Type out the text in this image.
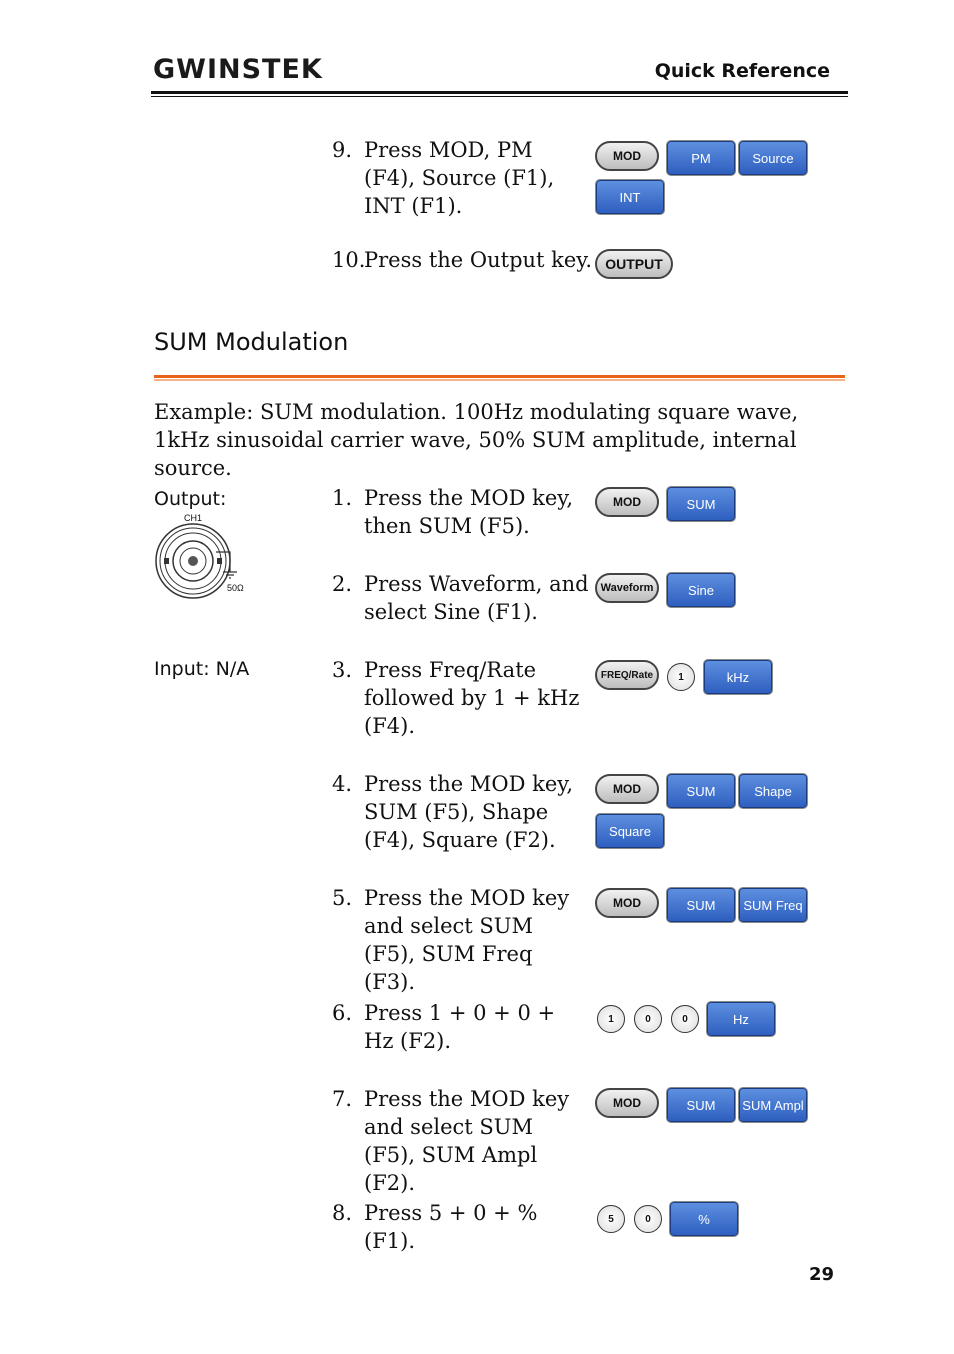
GWINSTEK	Quick Reference
9. Press MOD, PM (F4), Source (F1), INT (F1).
MOD	PM	Source
INT
10.
Press the Output key. OUTPUT
SUM Modulation
Example: SUM modulation. 100Hz modulating square wave, 1kHz sinusoidal carrier wave, 50% SUM amplitude, internal source.
Output:
CH1
50Ω
1. Press the MOD key, then SUM (F5).
MOD	SUM
2. Press Waveform, and select Sine (F1).
Waveform	Sine
Input: N/A	3. Press Freq/Rate followed by 1 + kHz (F4).
FREQ/Rate	1	kHz
4. Press the MOD key, SUM (F5), Shape (F4), Square (F2).
MOD	SUM	Shape
Square
5. Press the MOD key and select SUM (F5), SUM Freq (F3).
MOD	SUM	SUM Freq
6. Press 1 + 0 + 0 + Hz (F2).
1	0	0	Hz
7. Press the MOD key and select SUM (F5), SUM Ampl (F2).
MOD	SUM	SUM Ampl
8. Press 5 + 0 + % (F1).
5	0	%
29
